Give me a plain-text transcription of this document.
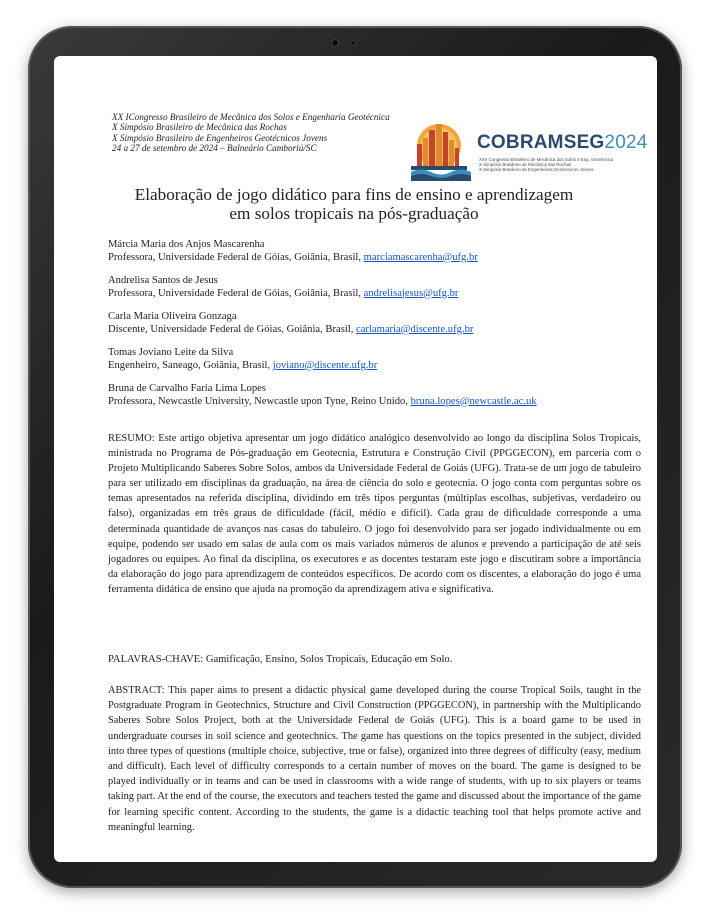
XX ICongresso Brasileiro de Mecânica dos Solos e Engenharia Geotécnica
X Simpósio Brasileiro de Mecânica das Rochas
X Simpósio Brasileiro de Engenheiros Geotécnicos Jovens
24 a 27 de setembro de 2024 – Balneário Camboriú/SC	COBRAMSEG2024
XXII Congresso Brasileiro de Mecânica dos Solos e Eng. Geotécnica
X Simpósio Brasileiro de Mecânica das Rochas
X Simpósio Brasileiro de Engenheiros Geotécnicos Jovens
Elaboração de jogo didático para fins de ensino e aprendizagem
em solos tropicais na pós-graduação
Márcia Maria dos Anjos Mascarenha
Professora, Universidade Federal de Góias, Goiânia, Brasil, marciamascarenha@ufg.br
Andrelisa Santos de Jesus
Professora, Universidade Federal de Góias, Goiânia, Brasil, andrelisajesus@ufg.br
Carla Maria Oliveira Gonzaga
Discente, Universidade Federal de Góias, Goiânia, Brasil, carlamaria@discente.ufg.br
Tomas Joviano Leite da Silva
Engenheiro, Saneago, Goiânia, Brasil, joviano@discente.ufg.br
Bruna de Carvalho Faria Lima Lopes
Professora, Newcastle University, Newcastle upon Tyne, Reino Unido, bruna.lopes@newcastle.ac.uk
RESUMO: Este artigo objetiva apresentar um jogo didático analógico desenvolvido ao longo da disciplina Solos Tropicais, ministrada no Programa de Pós-graduação em Geotecnia, Estrutura e Construção Civil (PPGGECON), em parceria com o Projeto Multiplicando Saberes Sobre Solos, ambos da Universidade Federal de Goiás (UFG). Trata-se de um jogo de tabuleiro para ser utilizado em disciplinas da graduação, na área de ciência do solo e geotecnia. O jogo conta com perguntas sobre os temas apresentados na referida disciplina, dividindo em três tipos perguntas (múltiplas escolhas, subjetivas, verdadeiro ou falso), organizadas em três graus de dificuldade (fácil, médio e difícil). Cada grau de dificuldade corresponde a uma determinada quantidade de avanços nas casas do tabuleiro. O jogo foi desenvolvido para ser jogado individualmente ou em equipe, podendo ser usado em salas de aula com os mais variados números de alunos e prevendo a participação de até seis jogadores ou equipes. Ao final da disciplina, os executores e as docentes testaram este jogo e discutiram sobre a importância da elaboração do jogo para aprendizagem de conteúdos específicos. De acordo com os discentes, a elaboração do jogo é uma ferramenta didática de ensino que ajuda na promoção da aprendizagem ativa e significativa.
PALAVRAS-CHAVE: Gamificação, Ensino, Solos Tropicais, Educação em Solo.
ABSTRACT: This paper aims to present a didactic physical game developed during the course Tropical Soils, taught in the Postgraduate Program in Geotechnics, Structure and Civil Construction (PPGGECON), in partnership with the Multiplicando Saberes Sobre Solos Project, both at the Universidade Federal de Goiás (UFG). This is a board game to be used in undergraduate courses in soil science and geotechnics. The game has questions on the topics presented in the subject, divided into three types of questions (multiple choice, subjective, true or false), organized into three degrees of difficulty (easy, medium and difficult). Each level of difficulty corresponds to a certain number of moves on the board. The game is designed to be played individually or in teams and can be used in classrooms with a wide range of students, with up to six players or teams taking part. At the end of the course, the executors and teachers tested the game and discussed about the importance of the game for learning specific content. According to the students, the game is a didactic teaching tool that helps promote active and meaningful learning.
